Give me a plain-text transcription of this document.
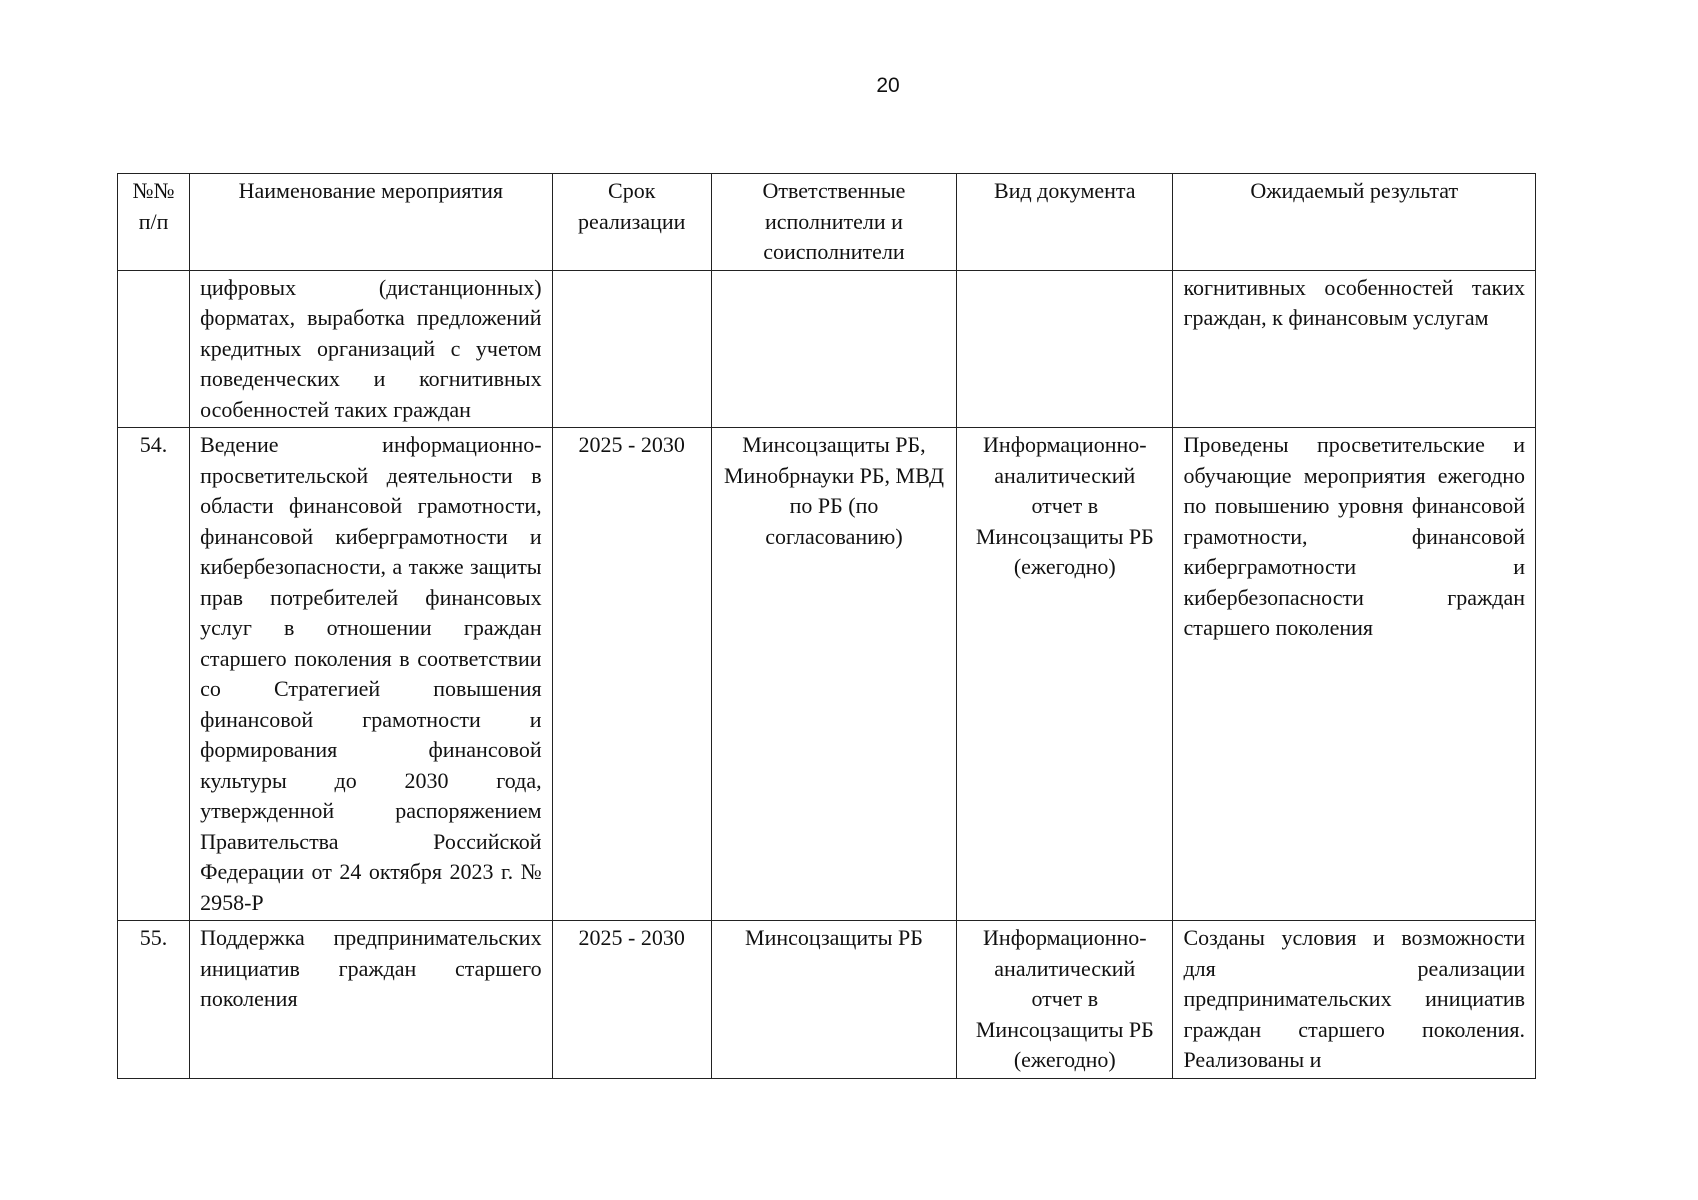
20
№№ п/п	Наименование мероприятия	Срок реализации	Ответственные исполнители и соисполнители	Вид документа	Ожидаемый результат
	цифровых (дистанционных) форматах, выработка предложений кредитных организаций с учетом поведенческих и когнитивных особенностей таких граждан				когнитивных особенностей таких граждан, к финансовым услугам
54.	Ведение информационно-просветительской деятельности в области финансовой грамотности, финансовой киберграмотности и кибербезопасности, а также защиты прав потребителей финансовых услуг в отношении граждан старшего поколения в соответствии со Стратегией повышения финансовой грамотности и формирования финансовой культуры до 2030 года, утвержденной распоряжением Правительства Российской Федерации от 24 октября 2023 г. № 2958-Р	2025 - 2030	Минсоцзащиты РБ, Минобрнауки РБ, МВД по РБ (по согласованию)	Информационно-аналитический отчет в Минсоцзащиты РБ (ежегодно)	Проведены просветительские и обучающие мероприятия ежегодно по повышению уровня финансовой грамотности, финансовой киберграмотности и кибербезопасности граждан старшего поколения
55.	Поддержка предпринимательских инициатив граждан старшего поколения	2025 - 2030	Минсоцзащиты РБ	Информационно-аналитический отчет в Минсоцзащиты РБ (ежегодно)	Созданы условия и возможности для реализации предпринимательских инициатив граждан старшего поколения. Реализованы и
